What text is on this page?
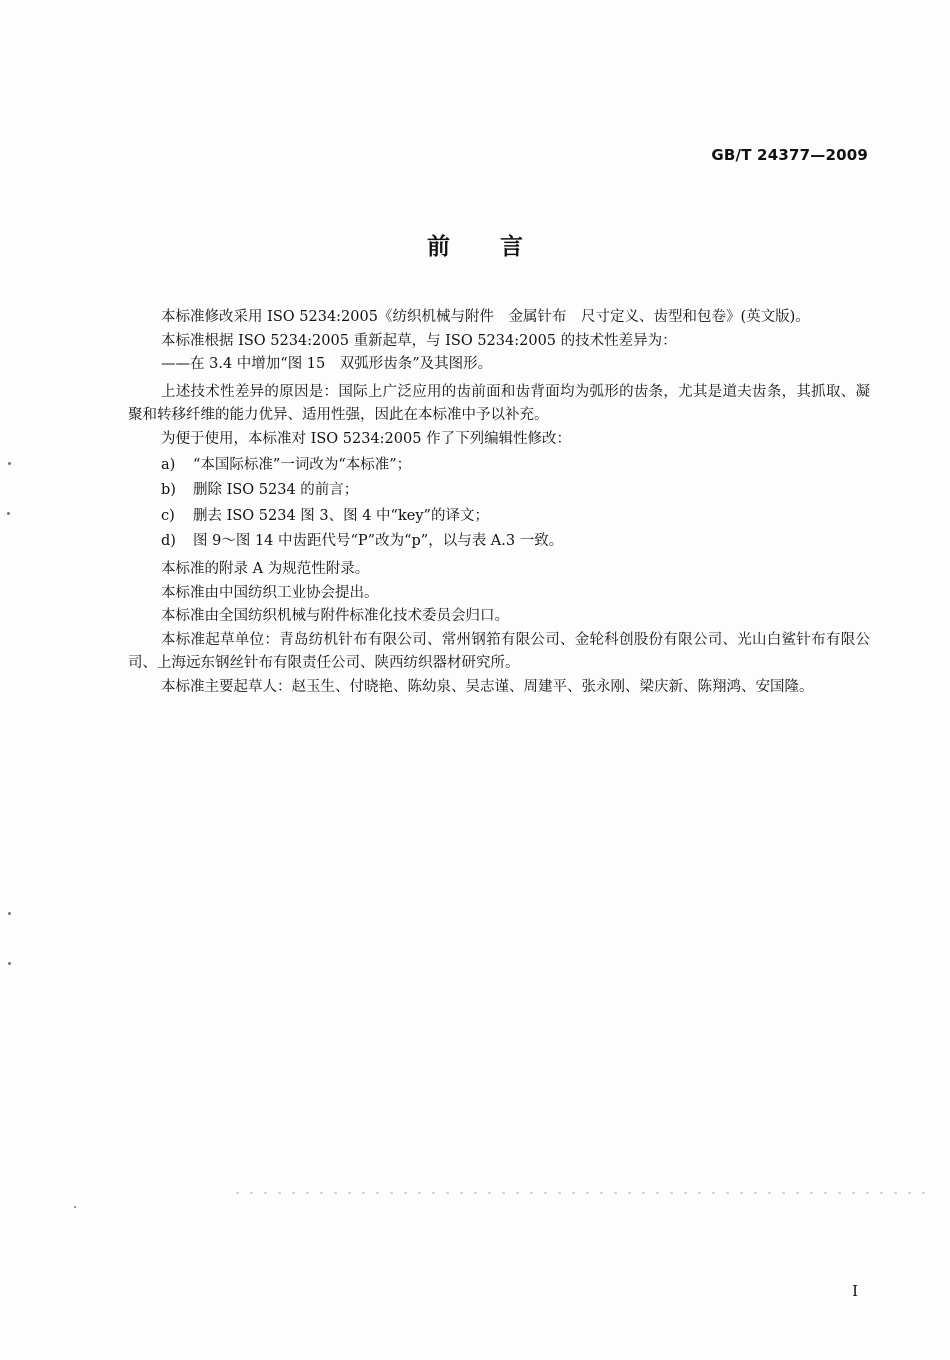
GB/T 24377—2009
前言

本标准修改采用 ISO 5234:2005《纺织机械与附件　金属针布　尺寸定义、齿型和包卷》(英文版)。

本标准根据 ISO 5234:2005 重新起草，与 ISO 5234:2005 的技术性差异为：

——在 3.4 中增加“图 15　双弧形齿条”及其图形。

上述技术性差异的原因是：国际上广泛应用的齿前面和齿背面均为弧形的齿条，尤其是道夫齿条，其抓取、凝聚和转移纤维的能力优异、适用性强，因此在本标准中予以补充。

为便于使用，本标准对 ISO 5234:2005 作了下列编辑性修改：

a) “本国际标准”一词改为“本标准”；

b) 删除 ISO 5234 的前言；

c) 删去 ISO 5234 图 3、图 4 中“key”的译文；

d) 图 9～图 14 中齿距代号“P”改为“p”，以与表 A.3 一致。

本标准的附录 A 为规范性附录。

本标准由中国纺织工业协会提出。

本标准由全国纺织机械与附件标准化技术委员会归口。

本标准起草单位：青岛纺机针布有限公司、常州钢筘有限公司、金轮科创股份有限公司、光山白鲨针布有限公司、上海远东钢丝针布有限责任公司、陕西纺织器材研究所。

本标准主要起草人：赵玉生、付晓艳、陈幼泉、吴志谨、周建平、张永刚、梁庆新、陈翔鸿、安国隆。

I
